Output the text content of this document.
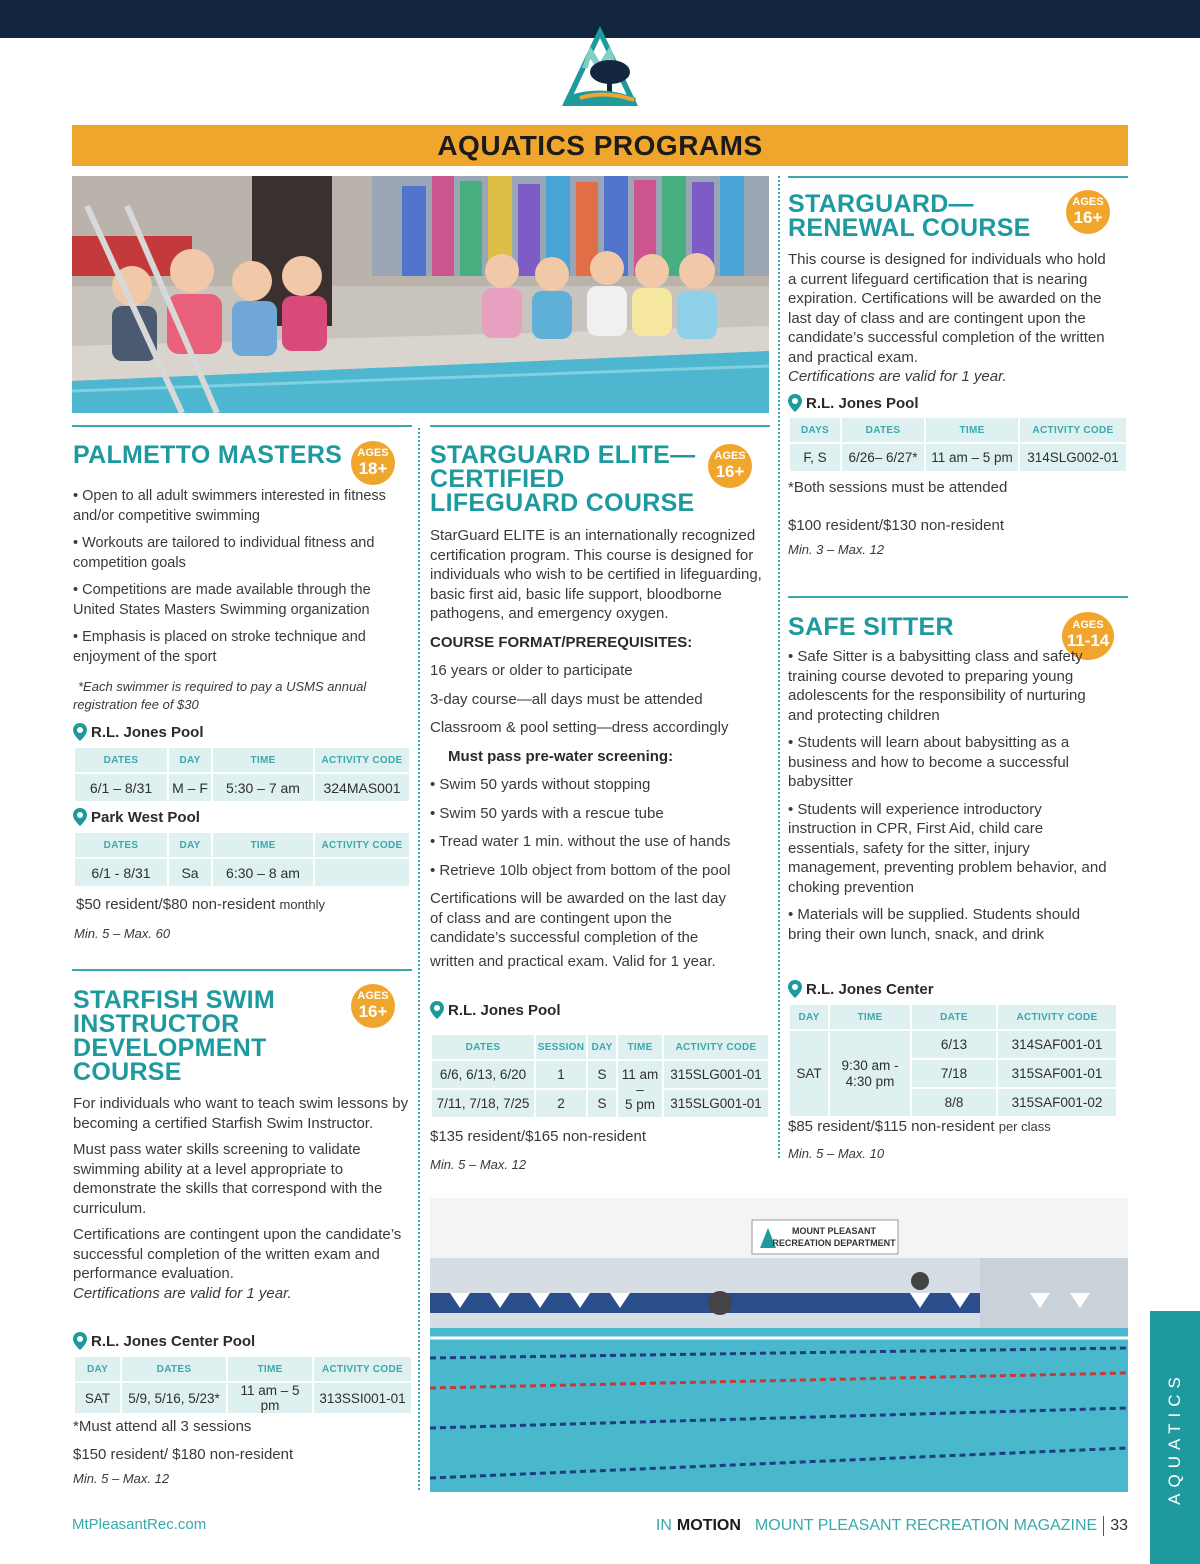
AQUATICS PROGRAMS
PALMETTO MASTERS	AGES
18+

• Open to all adult swimmers interested in fitness and/or competitive swimming

• Workouts are tailored to individual fitness and competition goals

• Competitions are made available through the United States Masters Swimming organization

• Emphasis is placed on stroke technique and enjoyment of the sport

*Each swimmer is required to pay a USMS annual registration fee of $30

R.L. Jones Pool
DATES	DAY	TIME	ACTIVITY CODE
6/1 – 8/31	M – F	5:30 – 7 am	324MAS001
Park West Pool
DATES	DAY	TIME	ACTIVITY CODE
6/1 - 8/31	Sa	6:30 – 8 am	

$50 resident/$80 non-resident monthly

Min. 5 – Max. 60

STARFISH SWIM
INSTRUCTOR
DEVELOPMENT
COURSE
AGES
16+

For individuals who want to teach swim lessons by becoming a certified Starfish Swim Instructor.

Must pass water skills screening to validate swimming ability at a level appropriate to demonstrate the skills that correspond with the curriculum.

Certifications are contingent upon the candidate’s successful completion of the written exam and performance evaluation.

Certifications are valid for 1 year.

R.L. Jones Center Pool
DAY	DATES	TIME	ACTIVITY CODE
SAT	5/9, 5/16, 5/23*	11 am – 5 pm	313SSI001-01

*Must attend all 3 sessions

$150 resident/ $180 non-resident

Min. 5 – Max. 12

STARGUARD ELITE—
CERTIFIED
LIFEGUARD COURSE
AGES
16+

StarGuard ELITE is an internationally recognized certification program. This course is designed for individuals who wish to be certified in lifeguarding, basic first aid, basic life support, bloodborne pathogens, and emergency oxygen.

COURSE FORMAT/PREREQUISITES:

16 years or older to participate

3-day course—all days must be attended

Classroom & pool setting—dress accordingly

Must pass pre-water screening:

• Swim 50 yards without stopping

• Swim 50 yards with a rescue tube

• Tread water 1 min. without the use of hands

• Retrieve 10lb object from bottom of the pool

Certifications will be awarded on the last day of class and are contingent upon the candidate’s successful completion of the

written and practical exam. Valid for 1 year.

R.L. Jones Pool
DATES	SESSION	DAY	TIME	ACTIVITY CODE
6/6, 6/13, 6/20	1	S	11 am
–
5 pm	315SLG001-01
7/11, 7/18, 7/25	2	S		315SLG001-01

$135 resident/$165 non-resident

Min. 5 – Max. 12

STARGUARD—
RENEWAL COURSE
AGES
16+

This course is designed for individuals who hold a current lifeguard certification that is nearing expiration. Certifications will be awarded on the last day of class and are contingent upon the candidate’s successful completion of the written and practical exam.

Certifications are valid for 1 year.

R.L. Jones Pool
DAYS	DATES	TIME	ACTIVITY CODE
F, S	6/26– 6/27*	11 am – 5 pm	314SLG002-01

*Both sessions must be attended

$100 resident/$130 non-resident

Min. 3 – Max. 12

SAFE SITTER	AGES
11-14

• Safe Sitter is a babysitting class and safety training course devoted to preparing young adolescents for the responsibility of nurturing and protecting children

• Students will learn about babysitting as a business and how to become a successful babysitter

• Students will experience introductory instruction in CPR, First Aid, child care essentials, safety for the sitter, injury management, preventing problem behavior, and choking prevention

• Materials will be supplied. Students should bring their own lunch, snack, and drink

R.L. Jones Center
DAY	TIME	DATE	ACTIVITY CODE
SAT	9:30 am - 4:30 pm	6/13	314SAF001-01
		7/18	315SAF001-01
		8/8	315SAF001-02

$85 resident/$115 non-resident per class

Min. 5 – Max. 10

MOUNT PLEASANT
RECREATION DEPARTMENT
AQUATICS
MtPleasantRec.com	IN MOTION MOUNT PLEASANT RECREATION MAGAZINE 33
